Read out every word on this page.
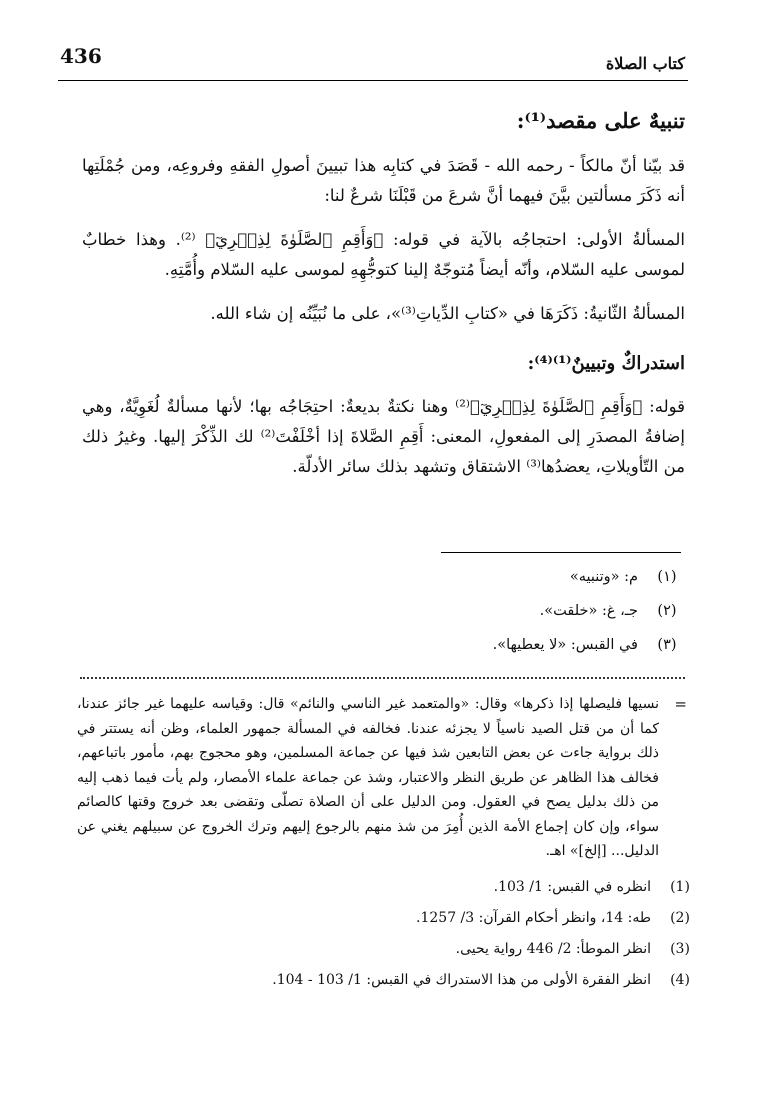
436	كتاب الصلاة
تنبيهٌ على مقصد⁽¹⁾:

قد بيّنا أنّ مالكاً - رحمه الله - قَصَدَ في كتابِه هذا تبيينَ أصولِ الفقهِ وفروعِه، ومن جُمْلَتِها أنه ذَكَرَ مسألتين بيَّنَ فيهما أنَّ شرعَ من قَبْلَنَا شرعٌ لنا:

المسألةُ الأولى: احتجاجُه بالآية في قوله: ﴿وَأَقِمِ ٱلصَّلَوٰةَ لِذِكۡرِيٓ﴾ ⁽²⁾. وهذا خطابٌ لموسى عليه السّلام، وأنّه أيضاً مُتوجّهٌ إلينا كتوجُّهِهِ لموسى عليه السّلام وأُمَّتِهِ.

المسألةُ الثّانيةُ: ذَكَرَهَا في «كتابِ الدِّياتِ⁽³⁾»، على ما نُبَيِّنُه إن شاء الله.

استدراكٌ وتبيينٌ⁽¹⁾⁽⁴⁾:

قوله: ﴿وَأَقِمِ ٱلصَّلَوٰةَ لِذِكۡرِيٓ﴾⁽²⁾ وهنا نكتةٌ بديعةٌ: احتِجَاجُه بها؛ لأنها مسألةٌ لُغَوِيَّةٌ، وهي إضافةُ المصدَرِ إلى المفعولِ، المعنى: أَقِمِ الصَّلاةَ إذا أخْلَفْتَ⁽²⁾ لك الذِّكْرَ إليها. وغيرُ ذلك من التّأويلاتِ، يعضدُها⁽³⁾ الاشتقاق وتشهد بذلك سائر الأدلّة.

(١)
م: «وتنبيه»
(٢)
جـ، غ: «خلقت».
(٣)
في القبس: «لا يعطيها».
=

نسيها فليصلها إذا ذكرها» وقال: «والمتعمد غير الناسي والنائم» قال: وقياسه عليهما غير جائز عندنا، كما أن من قتل الصيد ناسياً لا يجزئه عندنا. فخالفه في المسألة جمهور العلماء، وظن أنه يستتر في ذلك برواية جاءت عن بعض التابعين شذ فيها عن جماعة المسلمين، وهو محجوج بهم، مأمور باتباعهم، فخالف هذا الظاهر عن طريق النظر والاعتبار، وشذ عن جماعة علماء الأمصار، ولم يأت فيما ذهب إليه من ذلك بدليل يصح في العقول. ومن الدليل على أن الصلاة تصلّى وتقضى بعد خروج وقتها كالصائم سواء، وإن كان إجماع الأمة الذين أُمِرَ من شذ منهم بالرجوع إليهم وترك الخروج عن سبيلهم يغني عن الدليل... [إلخ]» اهـ.

(1)
انظره في القبس: 1/ 103.
(2)
طه: 14، وانظر أحكام القرآن: 3/ 1257.
(3)
انظر الموطأ: 2/ 446 رواية يحيى.
(4)
انظر الفقرة الأولى من هذا الاستدراك في القبس: 1/ 103 - 104.
